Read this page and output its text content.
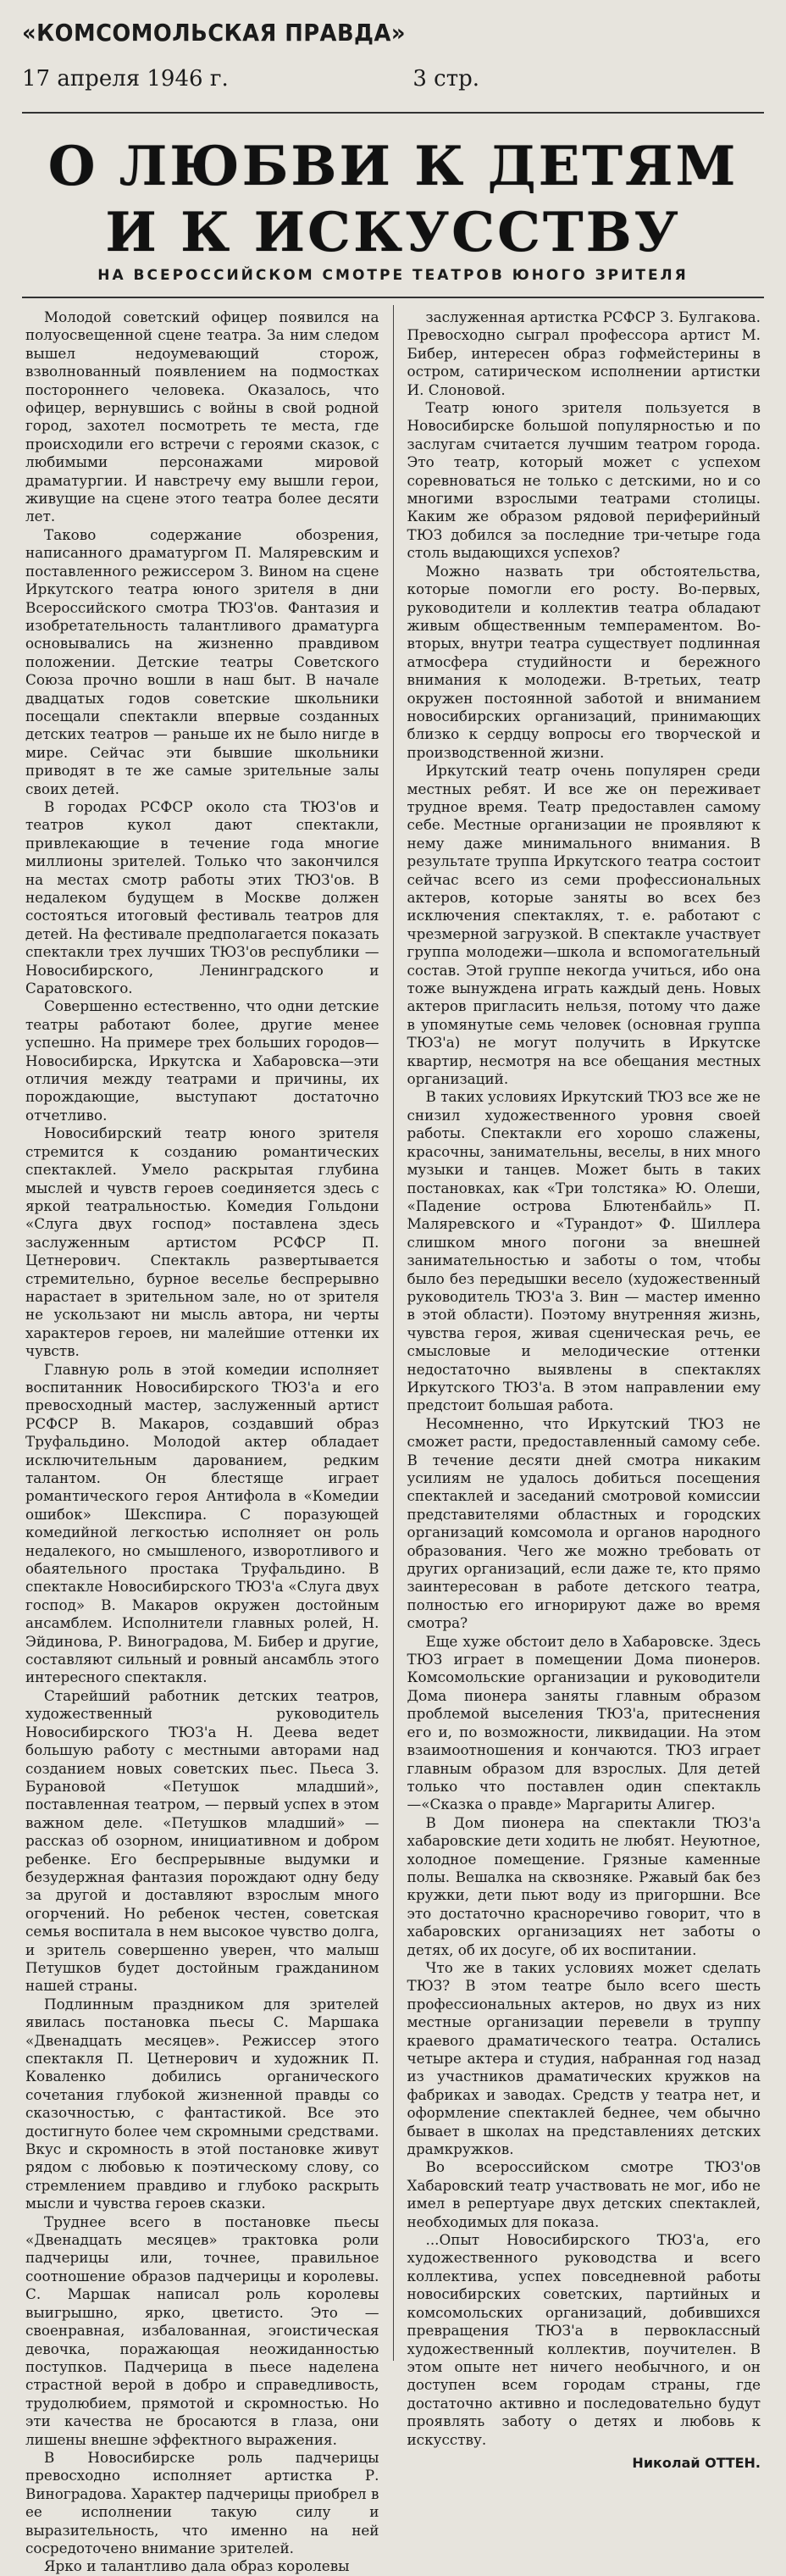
«КОМСОМОЛЬСКАЯ ПРАВДА»
17 апреля 1946 г.	3 стр.
О ЛЮБВИ К ДЕТЯМ И К ИСКУССТВУ
НА ВСЕРОССИЙСКОМ СМОТРЕ ТЕАТРОВ ЮНОГО ЗРИТЕЛЯ

Молодой советский офицер появился на полуосвещенной сцене театра. За ним следом вышел недоумевающий сторож, взволнованный появлением на подмостках постороннего человека. Оказалось, что офицер, вернувшись с войны в свой родной город, захотел посмотреть те места, где происходили его встречи с героями сказок, с любимыми персонажами мировой драматургии. И навстречу ему вышли герои, живущие на сцене этого театра более десяти лет.

Таково содержание обозрения, написанного драматургом П. Маляревским и поставленного режиссером З. Вином на сцене Иркутского театра юного зрителя в дни Всероссийского смотра ТЮЗ'ов. Фантазия и изобретательность талантливого драматурга основывались на жизненно правдивом положении. Детские театры Советского Союза прочно вошли в наш быт. В начале двадцатых годов советские школьники посещали спектакли впервые созданных детских театров — раньше их не было нигде в мире. Сейчас эти бывшие школьники приводят в те же самые зрительные залы своих детей.

В городах РСФСР около ста ТЮЗ'ов и театров кукол дают спектакли, привлекающие в течение года многие миллионы зрителей. Только что закончился на местах смотр работы этих ТЮЗ'ов. В недалеком будущем в Москве должен состояться итоговый фестиваль театров для детей. На фестивале предполагается показать спектакли трех лучших ТЮЗ'ов республики — Новосибирского, Ленинградского и Саратовского.

Совершенно естественно, что одни детские театры работают более, другие менее успешно. На примере трех больших городов—Новосибирска, Иркутска и Хабаровска—эти отличия между театрами и причины, их порождающие, выступают достаточно отчетливо.

Новосибирский театр юного зрителя стремится к созданию романтических спектаклей. Умело раскрытая глубина мыслей и чувств героев соединяется здесь с яркой театральностью. Комедия Гольдони «Слуга двух господ» поставлена здесь заслуженным артистом РСФСР П. Цетнерович. Спектакль развертывается стремительно, бурное веселье беспрерывно нарастает в зрительном зале, но от зрителя не ускользают ни мысль автора, ни черты характеров героев, ни малейшие оттенки их чувств.

Главную роль в этой комедии исполняет воспитанник Новосибирского ТЮЗ'а и его превосходный мастер, заслуженный артист РСФСР В. Макаров, создавший образ Труфальдино. Молодой актер обладает исключительным дарованием, редким талантом. Он блестяще играет романтического героя Антифола в «Комедии ошибок» Шекспира. С поразующей комедийной легкостью исполняет он роль недалекого, но смышленого, изворотливого и обаятельного простака Труфальдино. В спектакле Новосибирского ТЮЗ'а «Слуга двух господ» В. Макаров окружен достойным ансамблем. Исполнители главных ролей, Н. Эйдинова, Р. Виноградова, М. Бибер и другие, составляют сильный и ровный ансамбль этого интересного спектакля.

Старейший работник детских театров, художественный руководитель Новосибирского ТЮЗ'а Н. Деева ведет большую работу с местными авторами над созданием новых советских пьес. Пьеса З. Бурановой «Петушок младший», поставленная театром, — первый успех в этом важном деле. «Петушков младший» — рассказ об озорном, инициативном и добром ребенке. Его беспрерывные выдумки и безудержная фантазия порождают одну беду за другой и доставляют взрослым много огорчений. Но ребенок честен, советская семья воспитала в нем высокое чувство долга, и зритель совершенно уверен, что малыш Петушков будет достойным гражданином нашей страны.

Подлинным праздником для зрителей явилась постановка пьесы С. Маршака «Двенадцать месяцев». Режиссер этого спектакля П. Цетнерович и художник П. Коваленко добились органического сочетания глубокой жизненной правды со сказочностью, с фантастикой. Все это достигнуто более чем скромными средствами. Вкус и скромность в этой постановке живут рядом с любовью к поэтическому слову, со стремлением правдиво и глубоко раскрыть мысли и чувства героев сказки.

Труднее всего в постановке пьесы «Двенадцать месяцев» трактовка роли падчерицы или, точнее, правильное соотношение образов падчерицы и королевы. С. Маршак написал роль королевы выигрышно, ярко, цветисто. Это — своенравная, избалованная, эгоистическая девочка, поражающая неожиданностью поступков. Падчерица в пьесе наделена страстной верой в добро и справедливость, трудолюбием, прямотой и скромностью. Но эти качества не бросаются в глаза, они лишены внешне эффектного выражения.

В Новосибирске роль падчерицы превосходно исполняет артистка Р. Виноградова. Характер падчерицы приобрел в ее исполнении такую силу и выразительность, что именно на ней сосредоточено внимание зрителей.

Ярко и талантливо дала образ королевы

заслуженная артистка РСФСР З. Булгакова. Превосходно сыграл профессора артист М. Бибер, интересен образ гофмейстерины в остром, сатирическом исполнении артистки И. Слоновой.

Театр юного зрителя пользуется в Новосибирске большой популярностью и по заслугам считается лучшим театром города. Это театр, который может с успехом соревноваться не только с детскими, но и со многими взрослыми театрами столицы. Каким же образом рядовой периферийный ТЮЗ добился за последние три-четыре года столь выдающихся успехов?

Можно назвать три обстоятельства, которые помогли его росту. Во-первых, руководители и коллектив театра обладают живым общественным темпераментом. Во-вторых, внутри театра существует подлинная атмосфера студийности и бережного внимания к молодежи. В-третьих, театр окружен постоянной заботой и вниманием новосибирских организаций, принимающих близко к сердцу вопросы его творческой и производственной жизни.

Иркутский театр очень популярен среди местных ребят. И все же он переживает трудное время. Театр предоставлен самому себе. Местные организации не проявляют к нему даже минимального внимания. В результате труппа Иркутского театра состоит сейчас всего из семи профессиональных актеров, которые заняты во всех без исключения спектаклях, т. е. работают с чрезмерной загрузкой. В спектакле участвует группа молодежи—школа и вспомогательный состав. Этой группе некогда учиться, ибо она тоже вынуждена играть каждый день. Новых актеров пригласить нельзя, потому что даже в упомянутые семь человек (основная группа ТЮЗ'а) не могут получить в Иркутске квартир, несмотря на все обещания местных организаций.

В таких условиях Иркутский ТЮЗ все же не снизил художественного уровня своей работы. Спектакли его хорошо слажены, красочны, занимательны, веселы, в них много музыки и танцев. Может быть в таких постановках, как «Три толстяка» Ю. Олеши, «Падение острова Блютенбайль» П. Маляревского и «Турандот» Ф. Шиллера слишком много погони за внешней занимательностью и заботы о том, чтобы было без передышки весело (художественный руководитель ТЮЗ'а З. Вин — мастер именно в этой области). Поэтому внутренняя жизнь, чувства героя, живая сценическая речь, ее смысловые и мелодические оттенки недостаточно выявлены в спектаклях Иркутского ТЮЗ'а. В этом направлении ему предстоит большая работа.

Несомненно, что Иркутский ТЮЗ не сможет расти, предоставленный самому себе. В течение десяти дней смотра никаким усилиям не удалось добиться посещения спектаклей и заседаний смотровой комиссии представителями областных и городских организаций комсомола и органов народного образования. Чего же можно требовать от других организаций, если даже те, кто прямо заинтересован в работе детского театра, полностью его игнорируют даже во время смотра?

Еще хуже обстоит дело в Хабаровске. Здесь ТЮЗ играет в помещении Дома пионеров. Комсомольские организации и руководители Дома пионера заняты главным образом проблемой выселения ТЮЗ'а, притеснения его и, по возможности, ликвидации. На этом взаимоотношения и кончаются. ТЮЗ играет главным образом для взрослых. Для детей только что поставлен один спектакль—«Сказка о правде» Маргариты Алигер.

В Дом пионера на спектакли ТЮЗ'а хабаровские дети ходить не любят. Неуютное, холодное помещение. Грязные каменные полы. Вешалка на сквозняке. Ржавый бак без кружки, дети пьют воду из пригоршни. Все это достаточно красноречиво говорит, что в хабаровских организациях нет заботы о детях, об их досуге, об их воспитании.

Что же в таких условиях может сделать ТЮЗ? В этом театре было всего шесть профессиональных актеров, но двух из них местные организации перевели в труппу краевого драматического театра. Остались четыре актера и студия, набранная год назад из участников драматических кружков на фабриках и заводах. Средств у театра нет, и оформление спектаклей беднее, чем обычно бывает в школах на представлениях детских драмкружков.

Во всероссийском смотре ТЮЗ'ов Хабаровский театр участвовать не мог, ибо не имел в репертуаре двух детских спектаклей, необходимых для показа.

...Опыт Новосибирского ТЮЗ'а, его художественного руководства и всего коллектива, успех повседневной работы новосибирских советских, партийных и комсомольских организаций, добившихся превращения ТЮЗ'а в первоклассный художественный коллектив, поучителен. В этом опыте нет ничего необычного, и он доступен всем городам страны, где достаточно активно и последовательно будут проявлять заботу о детях и любовь к искусству.

Николай ОТТЕН.
